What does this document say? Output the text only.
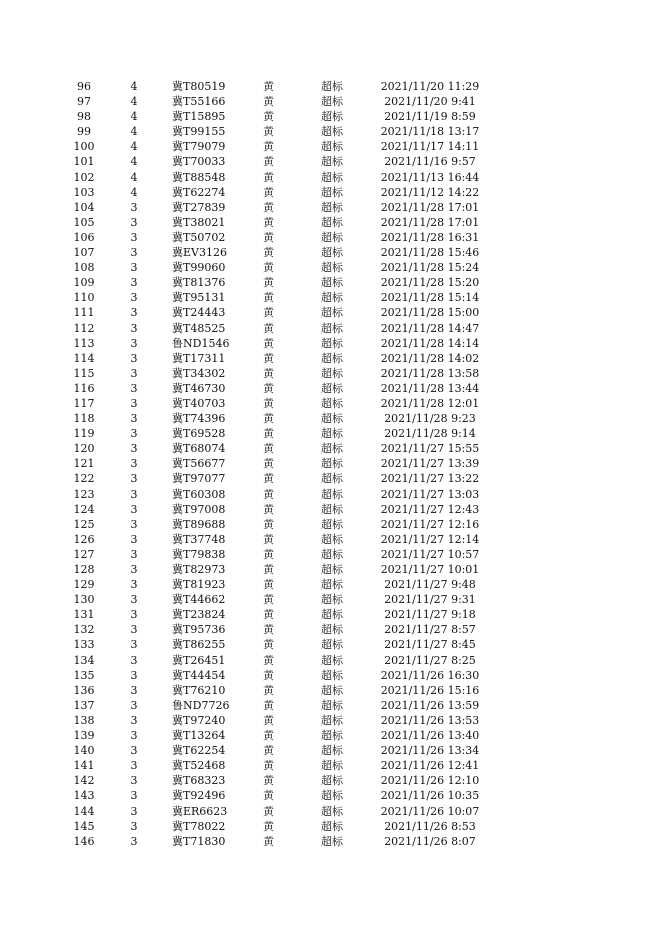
96	4	冀T80519	黄	超标	2021/11/20 11:29
97	4	冀T55166	黄	超标	2021/11/20 9:41
98	4	冀T15895	黄	超标	2021/11/19 8:59
99	4	冀T99155	黄	超标	2021/11/18 13:17
100	4	冀T79079	黄	超标	2021/11/17 14:11
101	4	冀T70033	黄	超标	2021/11/16 9:57
102	4	冀T88548	黄	超标	2021/11/13 16:44
103	4	冀T62274	黄	超标	2021/11/12 14:22
104	3	冀T27839	黄	超标	2021/11/28 17:01
105	3	冀T38021	黄	超标	2021/11/28 17:01
106	3	冀T50702	黄	超标	2021/11/28 16:31
107	3	冀EV3126	黄	超标	2021/11/28 15:46
108	3	冀T99060	黄	超标	2021/11/28 15:24
109	3	冀T81376	黄	超标	2021/11/28 15:20
110	3	冀T95131	黄	超标	2021/11/28 15:14
111	3	冀T24443	黄	超标	2021/11/28 15:00
112	3	冀T48525	黄	超标	2021/11/28 14:47
113	3	鲁ND1546	黄	超标	2021/11/28 14:14
114	3	冀T17311	黄	超标	2021/11/28 14:02
115	3	冀T34302	黄	超标	2021/11/28 13:58
116	3	冀T46730	黄	超标	2021/11/28 13:44
117	3	冀T40703	黄	超标	2021/11/28 12:01
118	3	冀T74396	黄	超标	2021/11/28 9:23
119	3	冀T69528	黄	超标	2021/11/28 9:14
120	3	冀T68074	黄	超标	2021/11/27 15:55
121	3	冀T56677	黄	超标	2021/11/27 13:39
122	3	冀T97077	黄	超标	2021/11/27 13:22
123	3	冀T60308	黄	超标	2021/11/27 13:03
124	3	冀T97008	黄	超标	2021/11/27 12:43
125	3	冀T89688	黄	超标	2021/11/27 12:16
126	3	冀T37748	黄	超标	2021/11/27 12:14
127	3	冀T79838	黄	超标	2021/11/27 10:57
128	3	冀T82973	黄	超标	2021/11/27 10:01
129	3	冀T81923	黄	超标	2021/11/27 9:48
130	3	冀T44662	黄	超标	2021/11/27 9:31
131	3	冀T23824	黄	超标	2021/11/27 9:18
132	3	冀T95736	黄	超标	2021/11/27 8:57
133	3	冀T86255	黄	超标	2021/11/27 8:45
134	3	冀T26451	黄	超标	2021/11/27 8:25
135	3	冀T44454	黄	超标	2021/11/26 16:30
136	3	冀T76210	黄	超标	2021/11/26 15:16
137	3	鲁ND7726	黄	超标	2021/11/26 13:59
138	3	冀T97240	黄	超标	2021/11/26 13:53
139	3	冀T13264	黄	超标	2021/11/26 13:40
140	3	冀T62254	黄	超标	2021/11/26 13:34
141	3	冀T52468	黄	超标	2021/11/26 12:41
142	3	冀T68323	黄	超标	2021/11/26 12:10
143	3	冀T92496	黄	超标	2021/11/26 10:35
144	3	冀ER6623	黄	超标	2021/11/26 10:07
145	3	冀T78022	黄	超标	2021/11/26 8:53
146	3	冀T71830	黄	超标	2021/11/26 8:07
